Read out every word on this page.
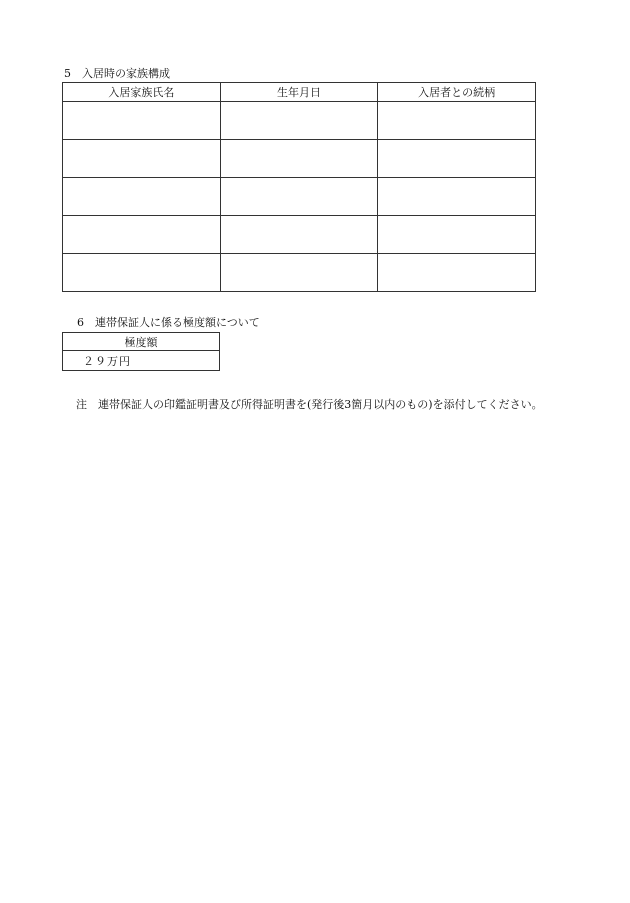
5　入居時の家族構成
入居家族氏名	生年月日	入居者との続柄

6　連帯保証人に係る極度額について
極度額
２９万円
注　連帯保証人の印鑑証明書及び所得証明書を(発行後3箇月以内のもの)を添付してください。
